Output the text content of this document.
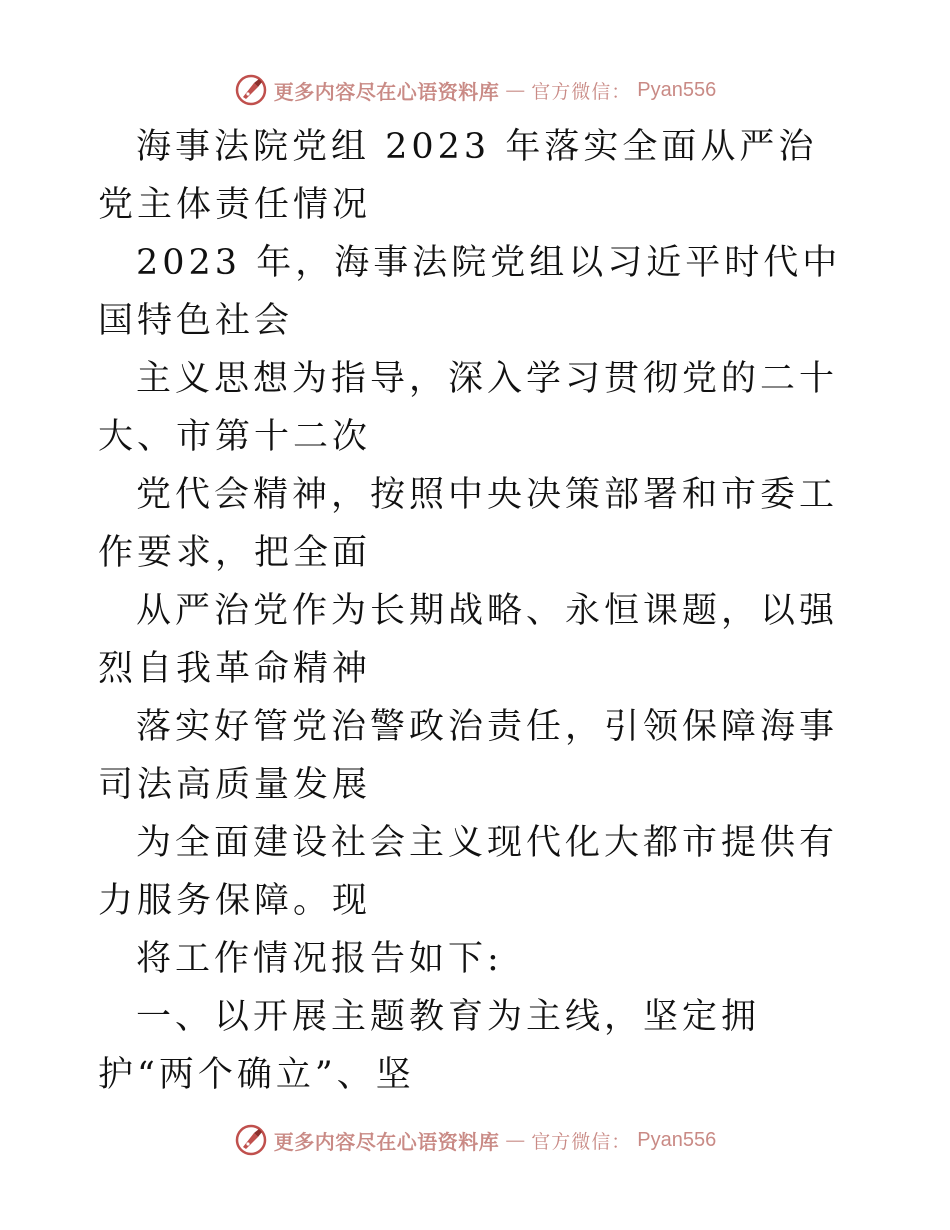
更多内容尽在心语资料库 — 官方微信： Pyan556

海事法院党组 2023 年落实全面从严治党主体责任情况

2023 年，海事法院党组以习近平时代中国特色社会

主义思想为指导，深入学习贯彻党的二十大、市第十二次

党代会精神，按照中央决策部署和市委工作要求，把全面

从严治党作为长期战略、永恒课题，以强烈自我革命精神

落实好管党治警政治责任，引领保障海事司法高质量发展

为全面建设社会主义现代化大都市提供有力服务保障。现

将工作情况报告如下:

一、以开展主题教育为主线，坚定拥护“两个确立”、坚

更多内容尽在心语资料库 — 官方微信： Pyan556
